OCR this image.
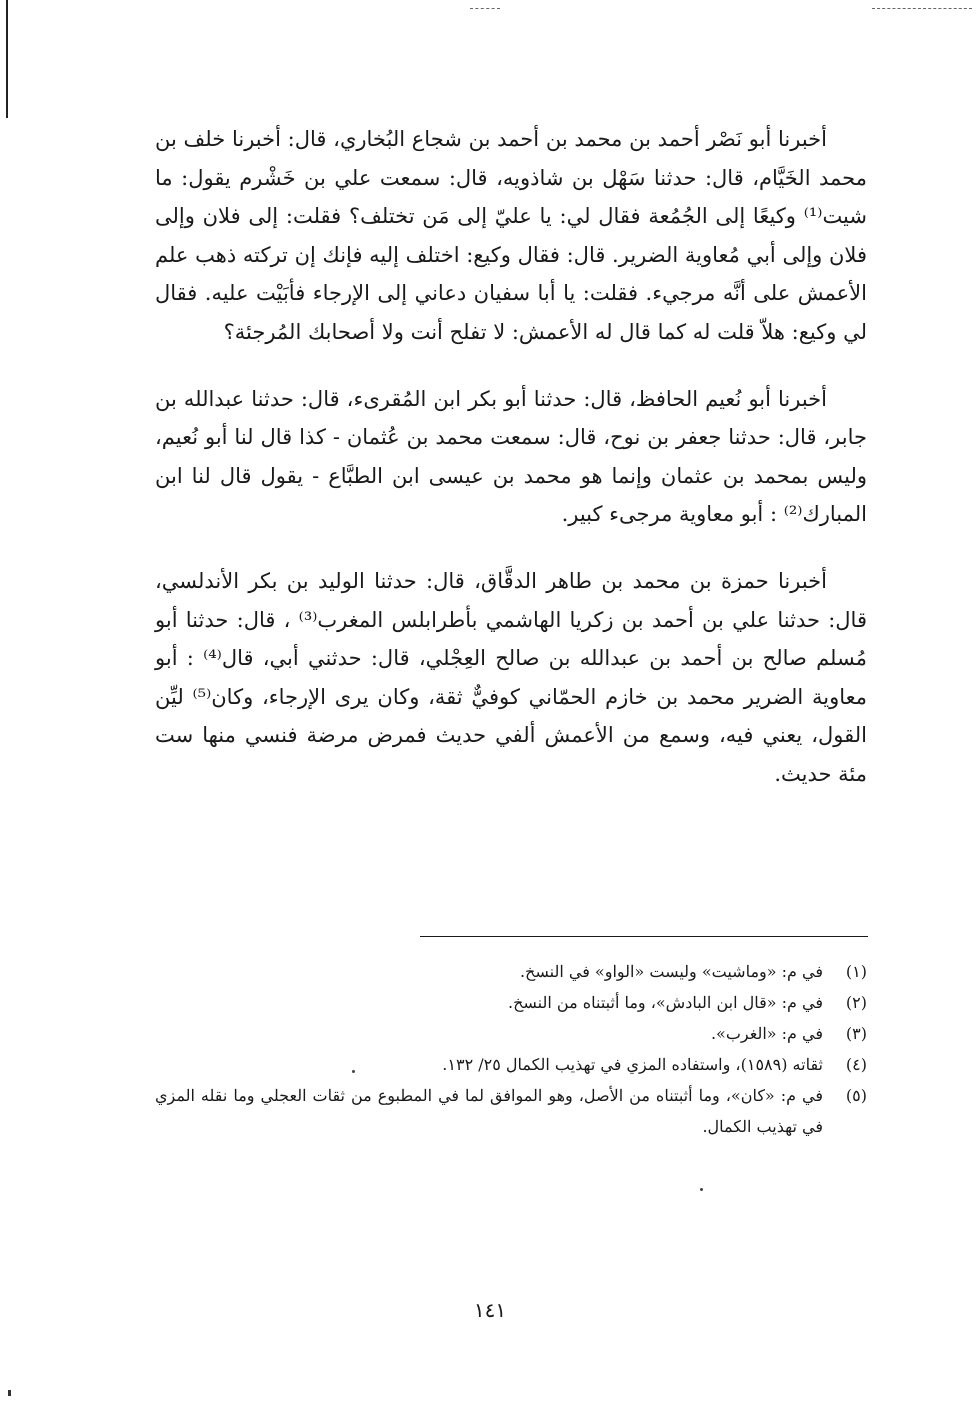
أخبرنا أبو نَصْر أحمد بن محمد بن أحمد بن شجاع البُخاري، قال: أخبرنا خلف بن محمد الخَيَّام، قال: حدثنا سَهْل بن شاذويه، قال: سمعت علي بن خَشْرم يقول: ما شيت⁽¹⁾ وكيعًا إلى الجُمُعة فقال لي: يا عليّ إلى مَن تختلف؟ فقلت: إلى فلان وإلى فلان وإلى أبي مُعاوية الضرير. قال: فقال وكيع: اختلف إليه فإنك إن تركته ذهب علم الأعمش على أنَّه مرجيء. فقلت: يا أبا سفيان دعاني إلى الإرجاء فأبَيْت عليه. فقال لي وكيع: هلاّ قلت له كما قال له الأعمش: لا تفلح أنت ولا أصحابك المُرجئة؟

أخبرنا أبو نُعيم الحافظ، قال: حدثنا أبو بكر ابن المُقرىء، قال: حدثنا عبدالله بن جابر، قال: حدثنا جعفر بن نوح، قال: سمعت محمد بن عُثمان - كذا قال لنا أبو نُعيم، وليس بمحمد بن عثمان وإنما هو محمد بن عيسى ابن الطبَّاع - يقول قال لنا ابن المبارك⁽²⁾ : أبو معاوية مرجىء كبير.

أخبرنا حمزة بن محمد بن طاهر الدقَّاق، قال: حدثنا الوليد بن بكر الأندلسي، قال: حدثنا علي بن أحمد بن زكريا الهاشمي بأطرابلس المغرب⁽³⁾ ، قال: حدثنا أبو مُسلم صالح بن أحمد بن عبدالله بن صالح العِجْلي، قال: حدثني أبي، قال⁽⁴⁾ : أبو معاوية الضرير محمد بن خازم الحمّاني كوفيٌّ ثقة، وكان يرى الإرجاء، وكان⁽⁵⁾ ليِّن القول، يعني فيه، وسمع من الأعمش ألفي حديث فمرض مرضة فنسي منها ست مئة حديث.

(١)
في م: «وماشيت» وليست «الواو» في النسخ.
(٢)
في م: «قال ابن البادش»، وما أثبتناه من النسخ.
(٣)
في م: «الغرب».
(٤)
ثقاته (١٥٨٩)، واستفاده المزي في تهذيب الكمال ٢٥/ ١٣٢.
(٥)
في م: «كان»، وما أثبتناه من الأصل، وهو الموافق لما في المطبوع من ثقات العجلي وما نقله المزي في تهذيب الكمال.
١٤١
